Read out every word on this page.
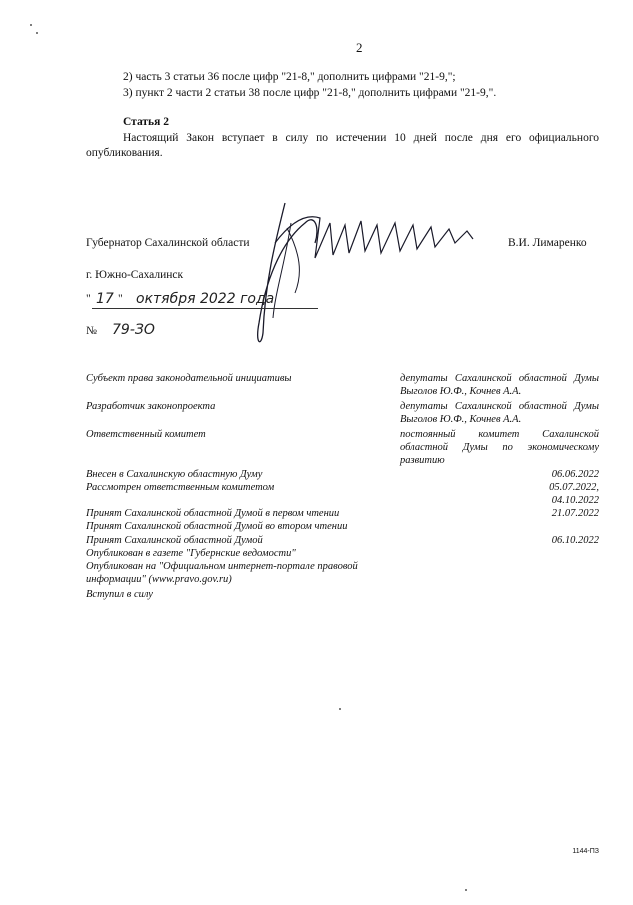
2
2) часть 3 статьи 36 после цифр "21-8," дополнить цифрами "21-9,";
3) пункт 2 части 2 статьи 38 после цифр "21-8," дополнить цифрами "21-9,".
Статья 2
Настоящий Закон вступает в силу по истечении 10 дней после дня его официального опубликования.
Губернатор Сахалинской области	В.И. Лимаренко
г. Южно-Сахалинск
" 17 " октября 2022 года
№ 79-ЗО
Субъект права законодательной инициативы	депутаты Сахалинской областной Думы Выголов Ю.Ф., Кочнев А.А.
Разработчик законопроекта	депутаты Сахалинской областной Думы Выголов Ю.Ф., Кочнев А.А.
Ответственный комитет	постоянный комитет Сахалинской областной Думы по экономическому развитию
Внесен в Сахалинскую областную Думу	06.06.2022
Рассмотрен ответственным комитетом	05.07.2022,
04.10.2022
Принят Сахалинской областной Думой в первом чтении	21.07.2022
Принят Сахалинской областной Думой во втором чтении
Принят Сахалинской областной Думой	06.10.2022
Опубликован в газете "Губернские ведомости"
Опубликован на "Официальном интернет-портале правовой информации" (www.pravo.gov.ru)
Вступил в силу
1144-ПЗ
